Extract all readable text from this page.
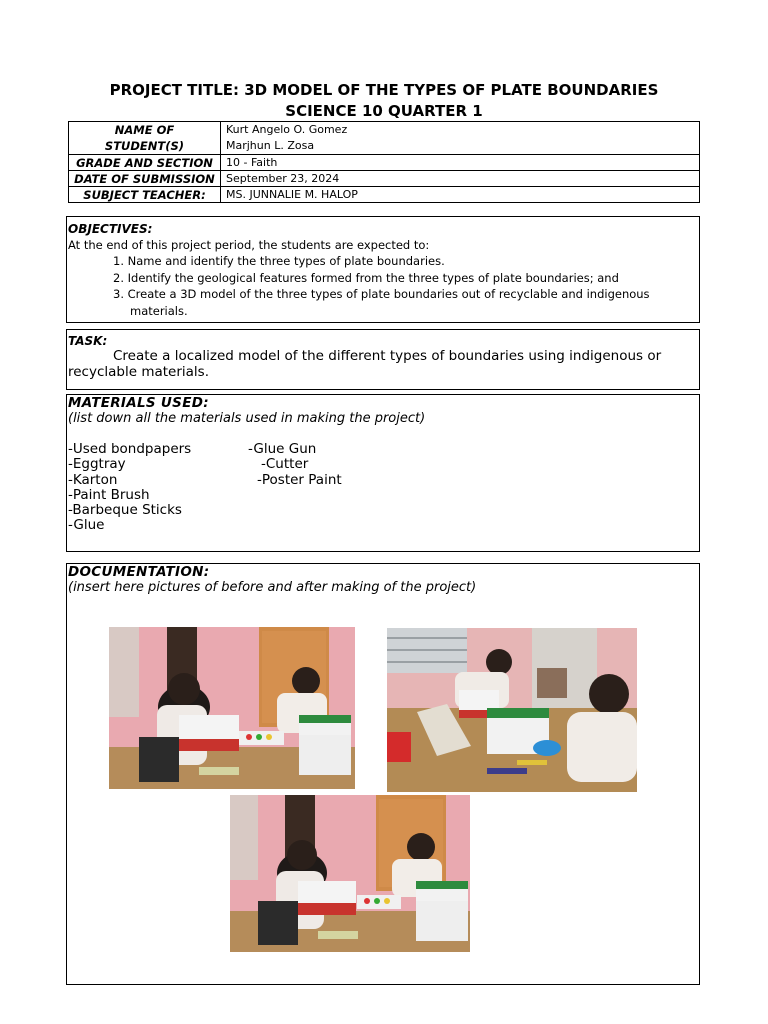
PROJECT TITLE: 3D MODEL OF THE TYPES OF PLATE BOUNDARIES
SCIENCE 10 QUARTER 1
NAME OF
STUDENT(S)	Kurt Angelo O. Gomez
Marjhun L. Zosa

GRADE AND SECTION	10 - Faith
DATE OF SUBMISSION	September 23, 2024
SUBJECT TEACHER:	MS. JUNNALIE M. HALOP
OBJECTIVES:
At the end of this project period, the students are expected to:
1. Name and identify the three types of plate boundaries.
2. Identify the geological features formed from the three types of plate boundaries; and
3. Create a 3D model of the three types of plate boundaries out of recyclable and indigenous
materials.
TASK:
Create a localized model of the different types of boundaries using indigenous or recyclable materials.
MATERIALS USED:
(list down all the materials used in making the project)
-Used bondpapers
-Eggtray
-Karton
-Paint Brush
-Barbeque Sticks
-Glue
-Glue Gun
-Cutter
-Poster Paint
DOCUMENTATION:
(insert here pictures of before and after making of the project)
